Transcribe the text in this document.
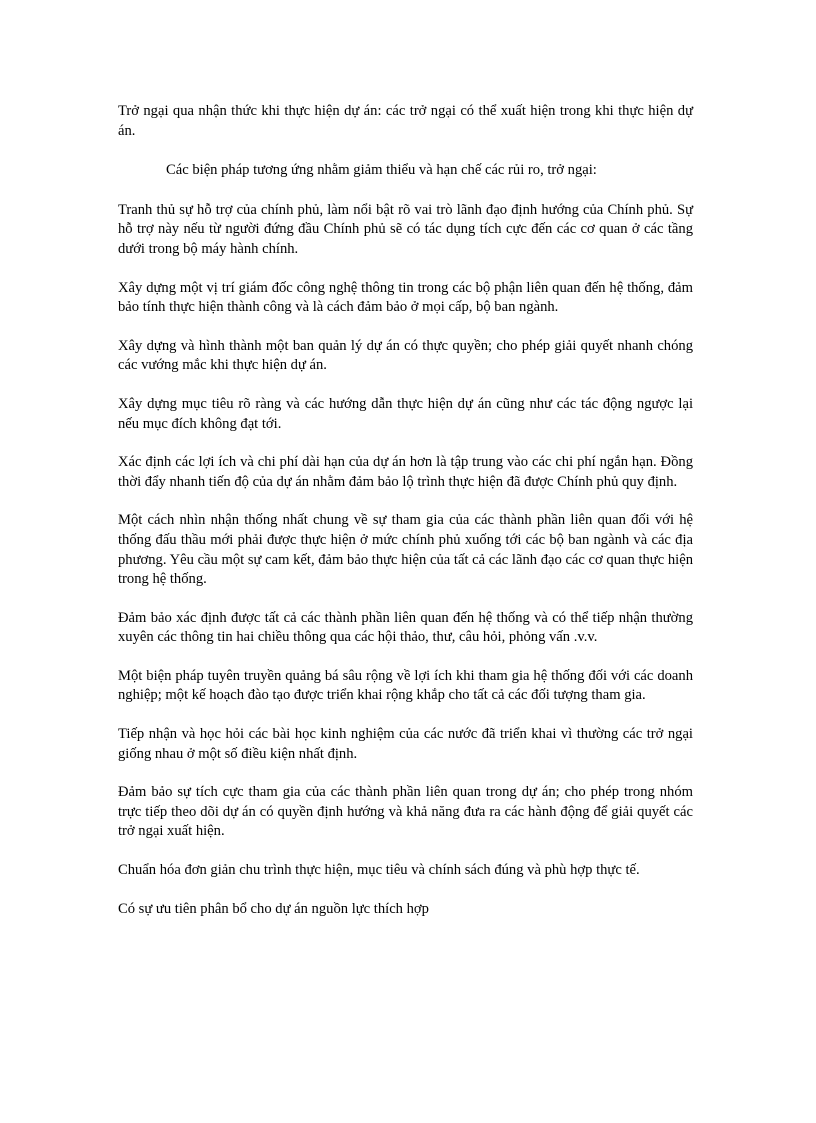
Trở ngại qua nhận thức khi thực hiện dự án: các trở ngại có thể xuất hiện trong khi thực hiện dự án.

Các biện pháp tương ứng nhằm giảm thiểu và hạn chế các rủi ro, trở ngại:

Tranh thủ sự hỗ trợ của chính phủ, làm nổi bật rõ vai trò lãnh đạo định hướng của Chính phủ. Sự hỗ trợ này nếu từ người đứng đầu Chính phủ sẽ có tác dụng tích cực đến các cơ quan ở các tầng dưới trong bộ máy hành chính.

Xây dựng một vị trí giám đốc công nghệ thông tin trong các bộ phận liên quan đến hệ thống, đảm bảo tính thực hiện thành công và là cách đảm bảo ở mọi cấp, bộ ban ngành.

Xây dựng và hình thành một ban quản lý dự án có thực quyền; cho phép giải quyết nhanh chóng các vướng mắc khi thực hiện dự án.

Xây dựng mục tiêu rõ ràng và các hướng dẫn thực hiện dự án cũng như các tác động ngược lại nếu mục đích không đạt tới.

Xác định các lợi ích và chi phí dài hạn của dự án hơn là tập trung vào các chi phí ngắn hạn. Đồng thời đẩy nhanh tiến độ của dự án nhằm đảm bảo lộ trình thực hiện đã được Chính phủ quy định.

Một cách nhìn nhận thống nhất chung về sự tham gia của các thành phần liên quan đối với hệ thống đấu thầu mới phải được thực hiện ở mức chính phủ xuống tới các bộ ban ngành và các địa phương. Yêu cầu một sự cam kết, đảm bảo thực hiện của tất cả các lãnh đạo các cơ quan thực hiện trong hệ thống.

Đảm bảo xác định được tất cả các thành phần liên quan đến hệ thống và có thể tiếp nhận thường xuyên các thông tin hai chiều thông qua các hội thảo, thư, câu hỏi, phỏng vấn .v.v.

Một biện pháp tuyên truyền quảng bá sâu rộng về lợi ích khi tham gia hệ thống đối với các doanh nghiệp; một kế hoạch đào tạo được triển khai rộng khắp cho tất cả các đối tượng tham gia.

Tiếp nhận và học hỏi các bài học kinh nghiệm của các nước đã triển khai vì thường các trở ngại giống nhau ở một số điều kiện nhất định.

Đảm bảo sự tích cực tham gia của các thành phần liên quan trong dự án; cho phép trong nhóm trực tiếp theo dõi dự án có quyền định hướng và khả năng đưa ra các hành động để giải quyết các trở ngại xuất hiện.

Chuẩn hóa đơn giản chu trình thực hiện, mục tiêu và chính sách đúng và phù hợp thực tế.

Có sự ưu tiên phân bổ cho dự án nguồn lực thích hợp
